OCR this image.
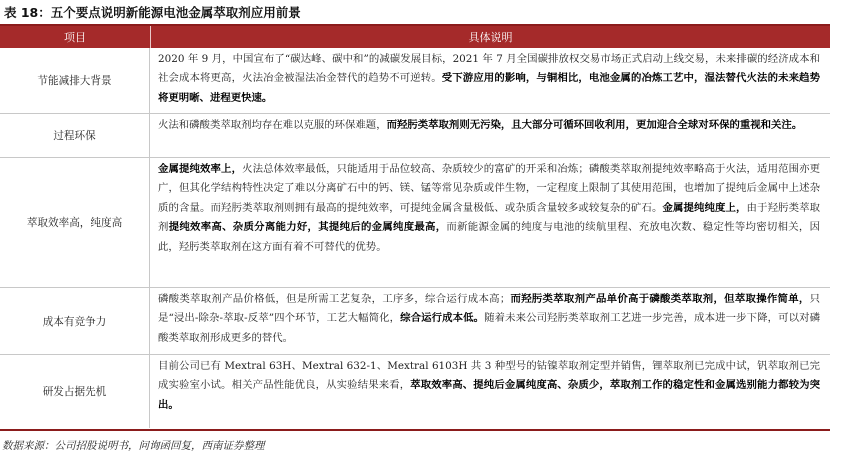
表 18：五个要点说明新能源电池金属萃取剂应用前景
项目	具体说明
节能减排大背景
2020 年 9 月，中国宣布了“碳达峰、碳中和”的减碳发展目标，2021 年 7 月全国碳排放权交易市场正式启动上线交易，未来排碳的经济成本和社会成本将更高，火法冶金被湿法冶金替代的趋势不可逆转。受下游应用的影响，与铜相比，电池金属的冶炼工艺中，湿法替代火法的未来趋势将更明晰、进程更快速。
过程环保
火法和磷酸类萃取剂均存在难以克服的环保难题，而羟肟类萃取剂则无污染，且大部分可循环回收利用，更加迎合全球对环保的重视和关注。
萃取效率高，纯度高
金属提纯效率上，火法总体效率最低，只能适用于品位较高、杂质较少的富矿的开采和冶炼；磷酸类萃取剂提纯效率略高于火法，适用范围亦更广，但其化学结构特性决定了难以分离矿石中的钙、镁、锰等常见杂质或伴生物，一定程度上限制了其使用范围，也增加了提纯后金属中上述杂质的含量。而羟肟类萃取剂则拥有最高的提纯效率，可提纯金属含量极低、或杂质含量较多或较复杂的矿石。金属提纯纯度上，由于羟肟类萃取剂提纯效率高、杂质分离能力好，其提纯后的金属纯度最高，而新能源金属的纯度与电池的续航里程、充放电次数、稳定性等均密切相关，因此，羟肟类萃取剂在这方面有着不可替代的优势。
成本有竞争力
磷酸类萃取剂产品价格低，但是所需工艺复杂，工序多，综合运行成本高；而羟肟类萃取剂产品单价高于磷酸类萃取剂，但萃取操作简单，只是“浸出-除杂-萃取-反萃”四个环节，工艺大幅简化，综合运行成本低。随着未来公司羟肟类萃取剂工艺进一步完善，成本进一步下降，可以对磷酸类萃取剂形成更多的替代。
研发占据先机
目前公司已有 Mextral 63H、Mextral 632-1、Mextral 6103H 共 3 种型号的钴镍萃取剂定型并销售，锂萃取剂已完成中试，钒萃取剂已完成实验室小试。相关产品性能优良，从实验结果来看，萃取效率高、提纯后金属纯度高、杂质少，萃取剂工作的稳定性和金属选别能力都较为突出。
数据来源：公司招股说明书，问询函回复，西南证券整理
